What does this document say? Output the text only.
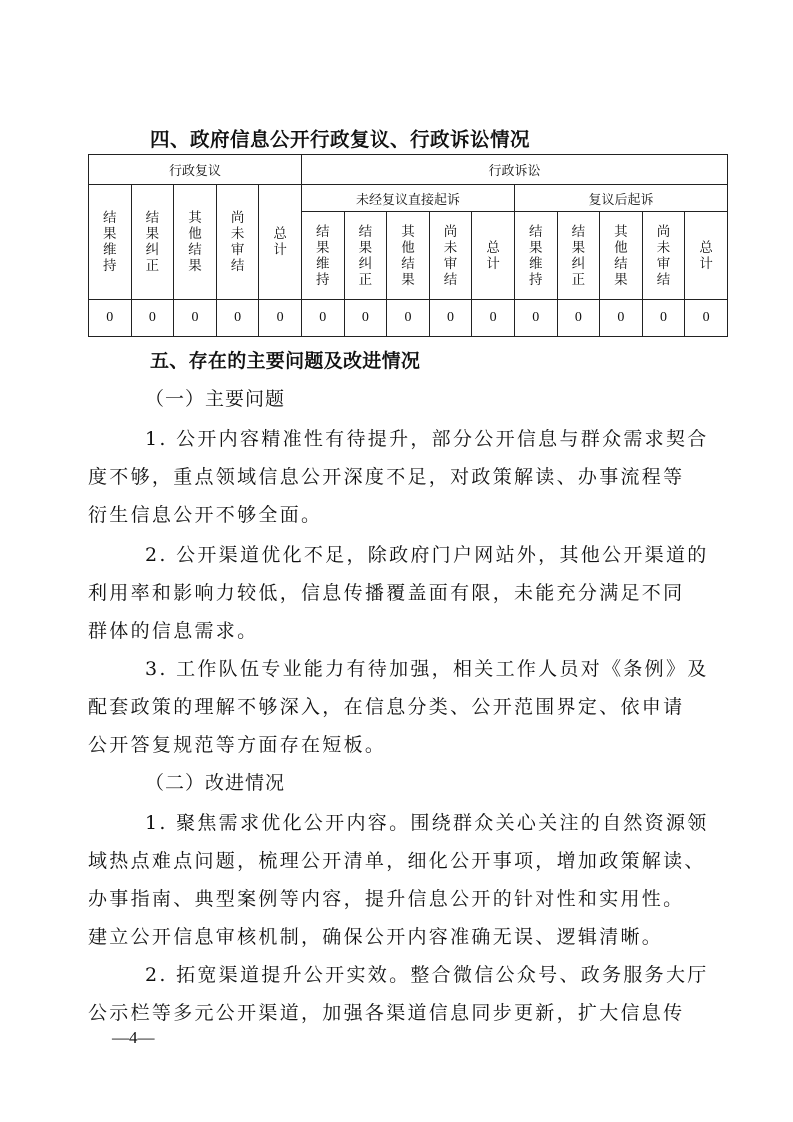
四、政府信息公开行政复议、行政诉讼情况
行政复议					行政诉讼									
结果维持	结果纠正	其他结果	尚未审结	总计	未经复议直接起诉					复议后起诉				
					结果维持	结果纠正	其他结果	尚未审结	总计	结果维持	结果纠正	其他结果	尚未审结	总计
0	0	0	0	0	0	0	0	0	0	0	0	0	0	0
五、存在的主要问题及改进情况
（一）主要问题
1. 公开内容精准性有待提升，部分公开信息与群众需求契合
度不够，重点领域信息公开深度不足，对政策解读、办事流程等
衍生信息公开不够全面。
2. 公开渠道优化不足，除政府门户网站外，其他公开渠道的
利用率和影响力较低，信息传播覆盖面有限，未能充分满足不同
群体的信息需求。
3. 工作队伍专业能力有待加强，相关工作人员对《条例》及
配套政策的理解不够深入，在信息分类、公开范围界定、依申请
公开答复规范等方面存在短板。
（二）改进情况
1. 聚焦需求优化公开内容。围绕群众关心关注的自然资源领
域热点难点问题，梳理公开清单，细化公开事项，增加政策解读、
办事指南、典型案例等内容，提升信息公开的针对性和实用性。
建立公开信息审核机制，确保公开内容准确无误、逻辑清晰。
2. 拓宽渠道提升公开实效。整合微信公众号、政务服务大厅
公示栏等多元公开渠道，加强各渠道信息同步更新，扩大信息传
—4—
